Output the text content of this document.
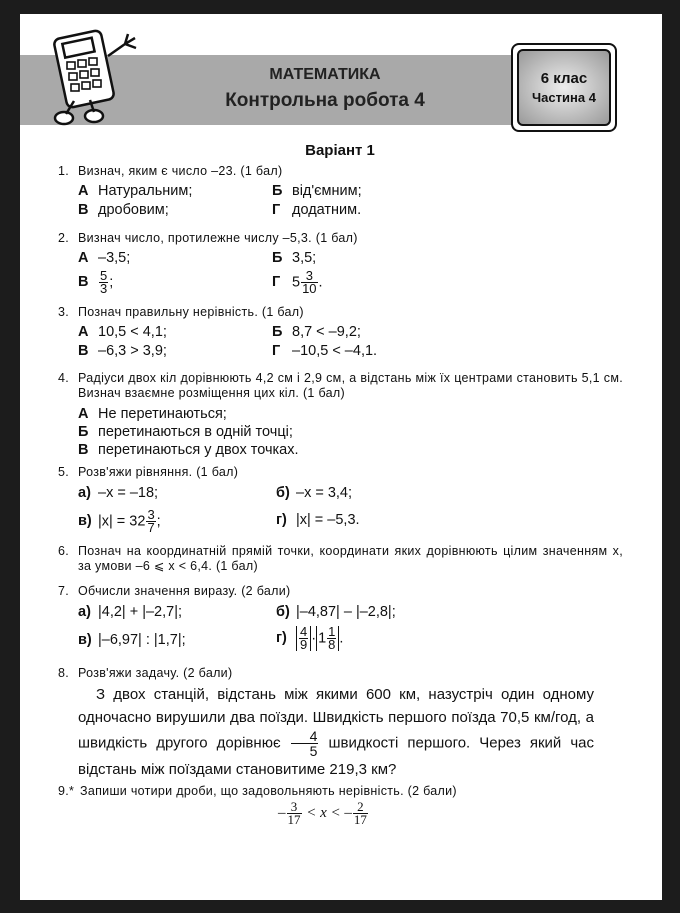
МАТЕМАТИКА
Контрольна робота 4
6 клас
Частина 4
Варіант 1
1. Визнач, яким є число –23. (1 бал)
А Натуральним;	Б від'ємним;
В дробовим;	Г додатним.
2. Визнач число, протилежне числу –5,3. (1 бал)
А –3,5;	Б 3,5;
В $\frac{5}{3}$ ;	Г $5 \frac{3}{10}$ .
3. Познач правильну нерівність. (1 бал)
А 10,5 < 4,1;	Б 8,7 < –9,2;
В –6,3 > 3,9;	Г –10,5 < –4,1.
4. Радіуси двох кіл дорівнюють 4,2 см і 2,9 см, а відстань між їх центрами становить 5,1 см. Визнач взаємне розміщення цих кіл. (1 бал)
А Не перетинаються;
Б перетинаються в одній точці;
В перетинаються у двох точках.
5. Розв'яжи рівняння. (1 бал)
а) –x = –18;	б) –x = 3,4;
в) $|x| = 32 \frac{3}{7}$ ;	г) |x| = –5,3.
6. Познач на координатній прямій точки, координати яких дорівнюють цілим значенням x, за умови –6 ⩽ x < 6,4. (1 бал)
7. Обчисли значення виразу. (2 бали)
а) |4,2| + |–2,7|;	б) |–4,87| – |–2,8|;
в) |–6,97| : |1,7|;	$г) \frac{4}{9} \cdot 1 \frac{1}{8}$ .
8. Розв'яжи задачу. (2 бали)
З двох станцій, відстань між якими 600 км, назустріч один одному одночасно вирушили два поїзди. Швидкість першого поїзда 70,5 км/год, а швидкість другого дорівнює $\frac{4}{5}$ швидкості першого. Через який час відстань між поїздами становитиме 219,3 км?
9.* Запиши чотири дроби, що задовольняють нерівність. (2 бали)
– $\frac{3}{17} < x$ < – $\frac{2}{17}$
